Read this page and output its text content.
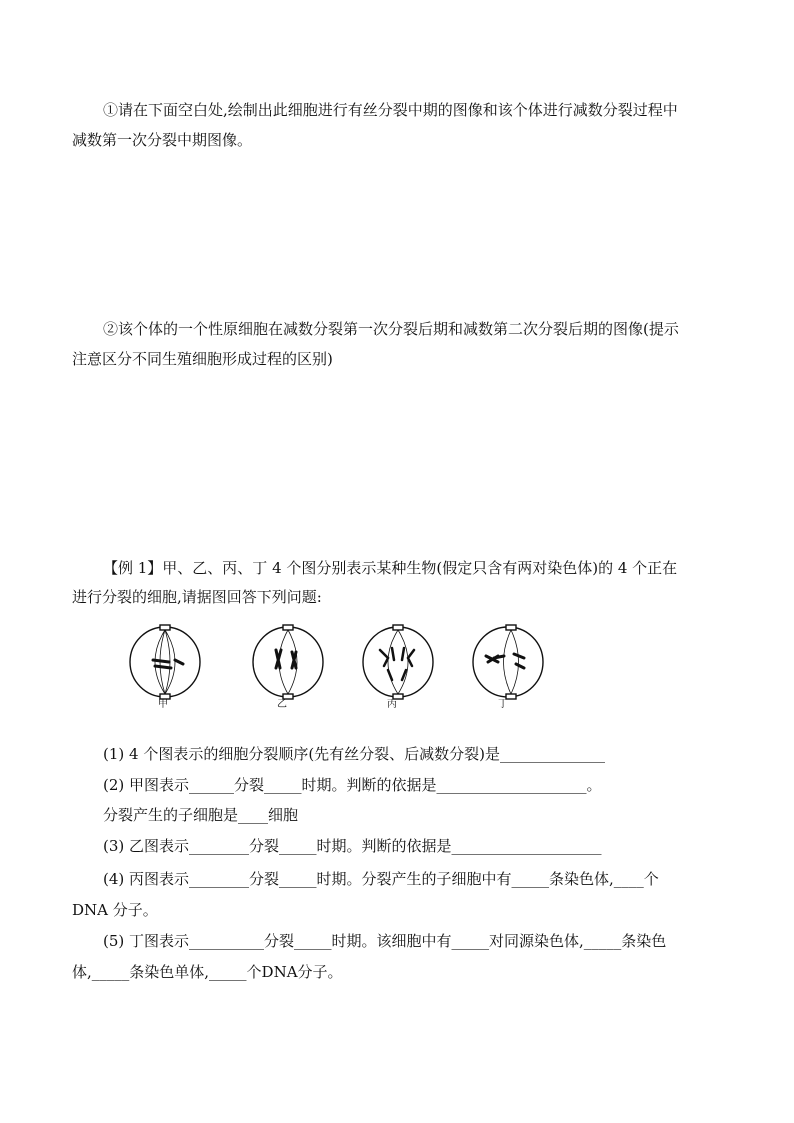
①请在下面空白处,绘制出此细胞进行有丝分裂中期的图像和该个体进行减数分裂过程中
减数第一次分裂中期图像。
②该个体的一个性原细胞在减数分裂第一次分裂后期和减数第二次分裂后期的图像(提示
注意区分不同生殖细胞形成过程的区别)
【例 1】甲、乙、丙、丁 4 个图分别表示某种生物(假定只含有两对染色体)的 4 个正在
进行分裂的细胞,请据图回答下列问题:
甲	乙	丙	丁
(1) 4 个图表示的细胞分裂顺序(先有丝分裂、后减数分裂)是______________
(2) 甲图表示______分裂_____时期。判断的依据是____________________。
分裂产生的子细胞是____细胞
(3) 乙图表示________分裂_____时期。判断的依据是____________________
(4) 丙图表示________分裂_____时期。分裂产生的子细胞中有_____条染色体,____个
DNA 分子。
(5) 丁图表示__________分裂_____时期。该细胞中有_____对同源染色体,_____条染色
体,_____条染色单体,_____个DNA分子。
